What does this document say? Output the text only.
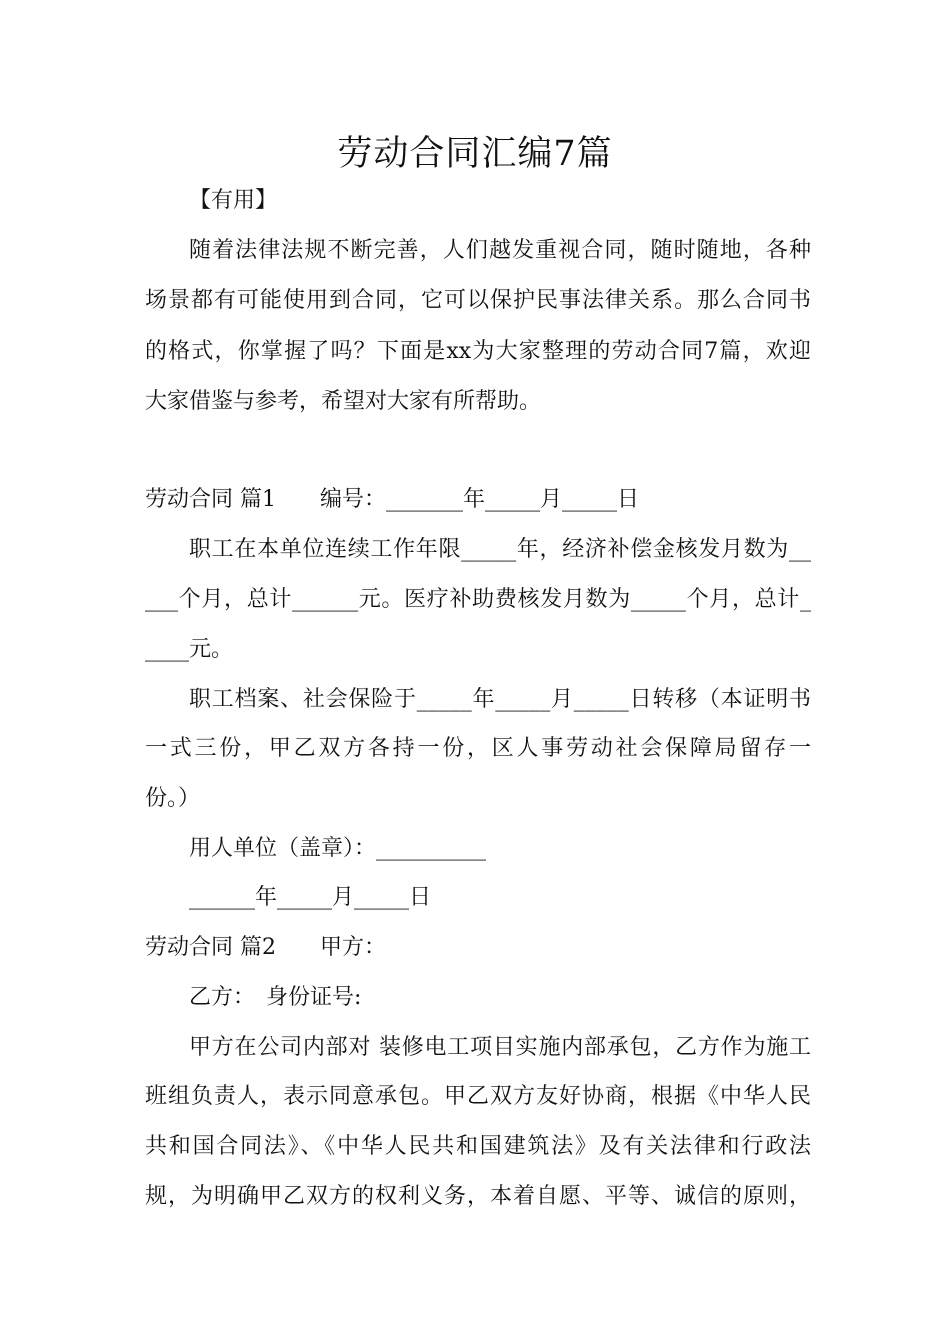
劳动合同汇编7篇

【有用】

随着法律法规不断完善，人们越发重视合同，随时随地，各种

场景都有可能使用到合同，它可以保护民事法律关系。那么合同书

的格式，你掌握了吗？下面是xx为大家整理的劳动合同7篇，欢迎

大家借鉴与参考，希望对大家有所帮助。

劳动合同 篇1　　编号：_______年_____月_____日

职工在本单位连续工作年限_____年，经济补偿金核发月数为__

___个月，总计______元。医疗补助费核发月数为_____个月，总计_

____元。

职工档案、社会保险于_____年_____月_____日转移（本证明书

一式三份，甲乙双方各持一份，区人事劳动社会保障局留存一

份。）

用人单位（盖章）：__________

______年_____月_____日

劳动合同 篇2　　甲方：

乙方：　身份证号:

甲方在公司内部对 装修电工项目实施内部承包，乙方作为施工

班组负责人，表示同意承包。甲乙双方友好协商，根据《中华人民

共和国合同法》、《中华人民共和国建筑法》及有关法律和行政法

规，为明确甲乙双方的权利义务，本着自愿、平等、诚信的原则，
